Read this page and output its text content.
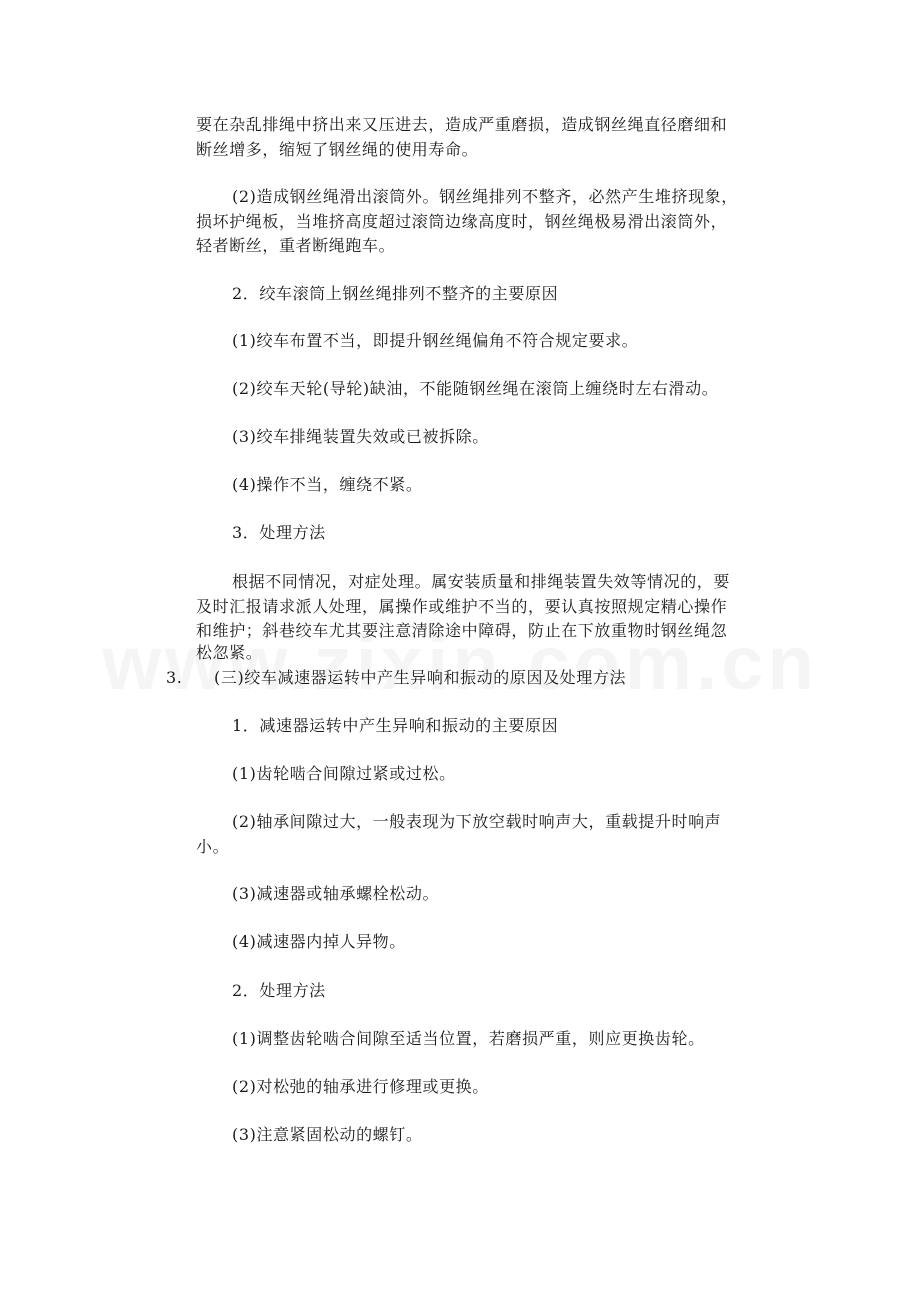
要在杂乱排绳中挤出来又压进去，造成严重磨损，造成钢丝绳直径磨细和
断丝增多，缩短了钢丝绳的使用寿命。
(2)造成钢丝绳滑出滚筒外。钢丝绳排列不整齐，必然产生堆挤现象，
损坏护绳板，当堆挤高度超过滚筒边缘高度时，钢丝绳极易滑出滚筒外，
轻者断丝，重者断绳跑车。
2．绞车滚筒上钢丝绳排列不整齐的主要原因
(1)绞车布置不当，即提升钢丝绳偏角不符合规定要求。
(2)绞车天轮(导轮)缺油，不能随钢丝绳在滚筒上缠绕时左右滑动。
(3)绞车排绳装置失效或已被拆除。
(4)操作不当，缠绕不紧。
3．处理方法
根据不同情况，对症处理。属安装质量和排绳装置失效等情况的，要
及时汇报请求派人处理，属操作或维护不当的，要认真按照规定精心操作
和维护；斜巷绞车尤其要注意清除途中障碍，防止在下放重物时钢丝绳忽
松忽紧。
3. (三)绞车减速器运转中产生异响和振动的原因及处理方法
1．减速器运转中产生异响和振动的主要原因
(1)齿轮啮合间隙过紧或过松。
(2)轴承间隙过大，一般表现为下放空载时响声大，重载提升时响声
小。
(3)减速器或轴承螺栓松动。
(4)减速器内掉人异物。
2．处理方法
(1)调整齿轮啮合间隙至适当位置，若磨损严重，则应更换齿轮。
(2)对松弛的轴承进行修理或更换。
(3)注意紧固松动的螺钉。
